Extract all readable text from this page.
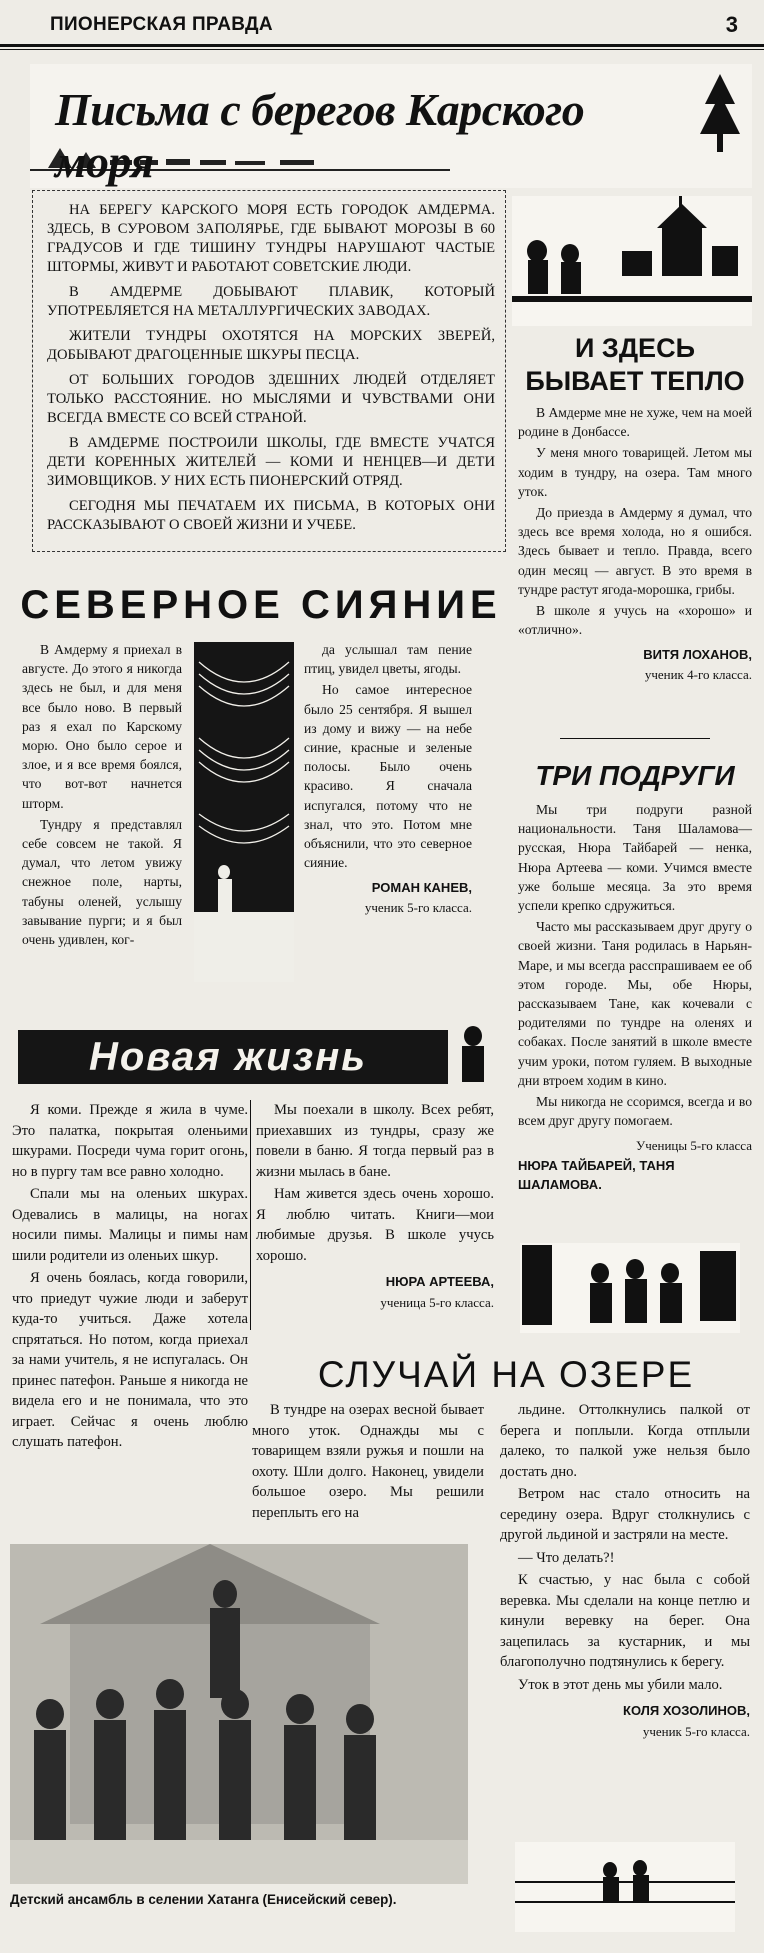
ПИОНЕРСКАЯ ПРАВДА	3
Письма с берегов Карского моря

НА БЕРЕГУ КАРСКОГО МОРЯ ЕСТЬ ГОРОДОК АМДЕРМА. ЗДЕСЬ, В СУРОВОМ ЗАПОЛЯРЬЕ, ГДЕ БЫВАЮТ МОРОЗЫ В 60 ГРАДУСОВ И ГДЕ ТИШИНУ ТУНДРЫ НАРУШАЮТ ЧАСТЫЕ ШТОРМЫ, ЖИВУТ И РАБОТАЮТ СОВЕТСКИЕ ЛЮДИ.

В АМДЕРМЕ ДОБЫВАЮТ ПЛАВИК, КОТОРЫЙ УПОТРЕБЛЯЕТСЯ НА МЕТАЛЛУРГИЧЕСКИХ ЗАВОДАХ.

ЖИТЕЛИ ТУНДРЫ ОХОТЯТСЯ НА МОРСКИХ ЗВЕРЕЙ, ДОБЫВАЮТ ДРАГОЦЕННЫЕ ШКУРЫ ПЕСЦА.

ОТ БОЛЬШИХ ГОРОДОВ ЗДЕШНИХ ЛЮДЕЙ ОТДЕЛЯЕТ ТОЛЬКО РАССТОЯНИЕ. НО МЫСЛЯМИ И ЧУВСТВАМИ ОНИ ВСЕГДА ВМЕСТЕ СО ВСЕЙ СТРАНОЙ.

В АМДЕРМЕ ПОСТРОИЛИ ШКОЛЫ, ГДЕ ВМЕСТЕ УЧАТСЯ ДЕТИ КОРЕННЫХ ЖИТЕЛЕЙ — КОМИ И НЕНЦЕВ—И ДЕТИ ЗИМОВЩИКОВ. У НИХ ЕСТЬ ПИОНЕРСКИЙ ОТРЯД.

СЕГОДНЯ МЫ ПЕЧАТАЕМ ИХ ПИСЬМА, В КОТОРЫХ ОНИ РАССКАЗЫВАЮТ О СВОЕЙ ЖИЗНИ И УЧЕБЕ.

И ЗДЕСЬ БЫВАЕТ ТЕПЛО

В Амдерме мне не хуже, чем на моей родине в Донбассе.

У меня много товарищей. Летом мы ходим в тундру, на озера. Там много уток.

До приезда в Амдерму я думал, что здесь все время холода, но я ошибся. Здесь бывает и тепло. Правда, всего один месяц — август. В это время в тундре растут ягода-морошка, грибы.

В школе я учусь на «хорошо» и «отлично».

ВИТЯ ЛОХАНОВ,
ученик 4-го класса.
СЕВЕРНОЕ СИЯНИЕ

В Амдерму я приехал в августе. До этого я никогда здесь не был, и для меня все было ново. В первый раз я ехал по Карскому морю. Оно было серое и злое, и я все время боялся, что вот-вот начнется шторм.

Тундру я представлял себе совсем не такой. Я думал, что летом увижу снежное поле, нарты, табуны оленей, услышу завывание пурги; и я был очень удивлен, ког-

да услышал там пение птиц, увидел цветы, ягоды.

Но самое интересное было 25 сентября. Я вышел из дому и вижу — на небе синие, красные и зеленые полосы. Было очень красиво. Я сначала испугался, потому что не знал, что это. Потом мне объяснили, что это северное сияние.

РОМАН КАНЕВ,
ученик 5-го класса.
ТРИ ПОДРУГИ

Мы три подруги разной национальности. Таня Шаламова—русская, Нюра Тайбарей — ненка, Нюра Артеева — коми. Учимся вместе уже больше месяца. За это время успели крепко сдружиться.

Часто мы рассказываем друг другу о своей жизни. Таня родилась в Нарьян-Маре, и мы всегда расспрашиваем ее об этом городе. Мы, обе Нюры, рассказываем Тане, как кочевали с родителями по тундре на оленях и собаках. После занятий в школе вместе учим уроки, потом гуляем. В выходные дни втроем ходим в кино.

Мы никогда не ссоримся, всегда и во всем друг другу помогаем.

Ученицы 5-го класса
НЮРА ТАЙБАРЕЙ, ТАНЯ ШАЛАМОВА.
Новая жизнь

Я коми. Прежде я жила в чуме. Это палатка, покрытая оленьими шкурами. Посреди чума горит огонь, но в пургу там все равно холодно.

Спали мы на оленьих шкурах. Одевались в малицы, на ногах носили пимы. Малицы и пимы нам шили родители из оленьих шкур.

Я очень боялась, когда говорили, что приедут чужие люди и заберут куда-то учиться. Даже хотела спрятаться. Но потом, когда приехал за нами учитель, я не испугалась. Он принес патефон. Раньше я никогда не видела его и не понимала, что это играет. Сейчас я очень люблю слушать патефон.

Мы поехали в школу. Всех ребят, приехавших из тундры, сразу же повели в баню. Я тогда первый раз в жизни мылась в бане.

Нам живется здесь очень хорошо. Я люблю читать. Книги—мои любимые друзья. В школе учусь хорошо.

НЮРА АРТЕЕВА,
ученица 5-го класса.
СЛУЧАЙ НА ОЗЕРЕ

В тундре на озерах весной бывает много уток. Однажды мы с товарищем взяли ружья и пошли на охоту. Шли долго. Наконец, увидели большое озеро. Мы решили переплыть его на

льдине. Оттолкнулись палкой от берега и поплыли. Когда отплыли далеко, то палкой уже нельзя было достать дно.

Ветром нас стало относить на середину озера. Вдруг столкнулись с другой льдиной и застряли на месте.

— Что делать?!

К счастью, у нас была с собой веревка. Мы сделали на конце петлю и кинули веревку на берег. Она зацепилась за кустарник, и мы благополучно подтянулись к берегу.

Уток в этот день мы убили мало.

КОЛЯ ХОЗОЛИНОВ,
ученик 5-го класса.
Детский ансамбль в селении Хатанга (Енисейский север).
